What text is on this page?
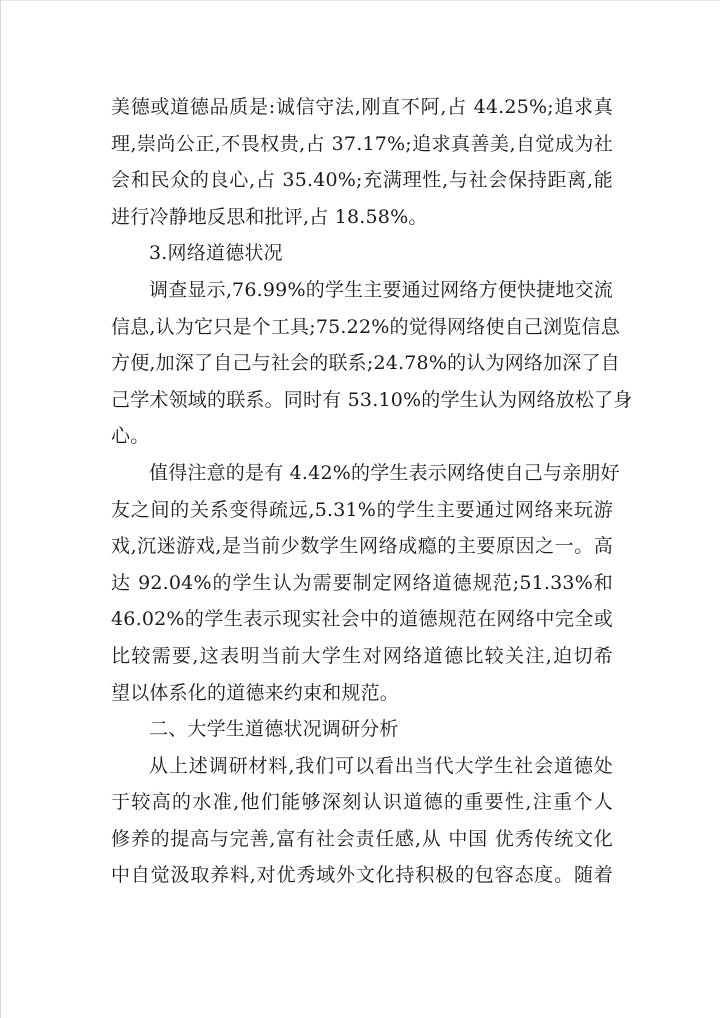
美德或道德品质是:诚信守法,刚直不阿,占 44.25%;追求真
理,崇尚公正,不畏权贵,占 37.17%;追求真善美,自觉成为社
会和民众的良心,占 35.40%;充满理性,与社会保持距离,能
进行冷静地反思和批评,占 18.58%。
3.网络道德状况
调查显示,76.99%的学生主要通过网络方便快捷地交流
信息,认为它只是个工具;75.22%的觉得网络使自己浏览信息
方便,加深了自己与社会的联系;24.78%的认为网络加深了自
己学术领域的联系。同时有 53.10%的学生认为网络放松了身
心。
值得注意的是有 4.42%的学生表示网络使自己与亲朋好
友之间的关系变得疏远,5.31%的学生主要通过网络来玩游
戏,沉迷游戏,是当前少数学生网络成瘾的主要原因之一。高
达 92.04%的学生认为需要制定网络道德规范;51.33%和
46.02%的学生表示现实社会中的道德规范在网络中完全或
比较需要,这表明当前大学生对网络道德比较关注,迫切希
望以体系化的道德来约束和规范。
二、大学生道德状况调研分析
从上述调研材料,我们可以看出当代大学生社会道德处
于较高的水准,他们能够深刻认识道德的重要性,注重个人
修养的提高与完善,富有社会责任感,从 中国 优秀传统文化
中自觉汲取养料,对优秀域外文化持积极的包容态度。随着
